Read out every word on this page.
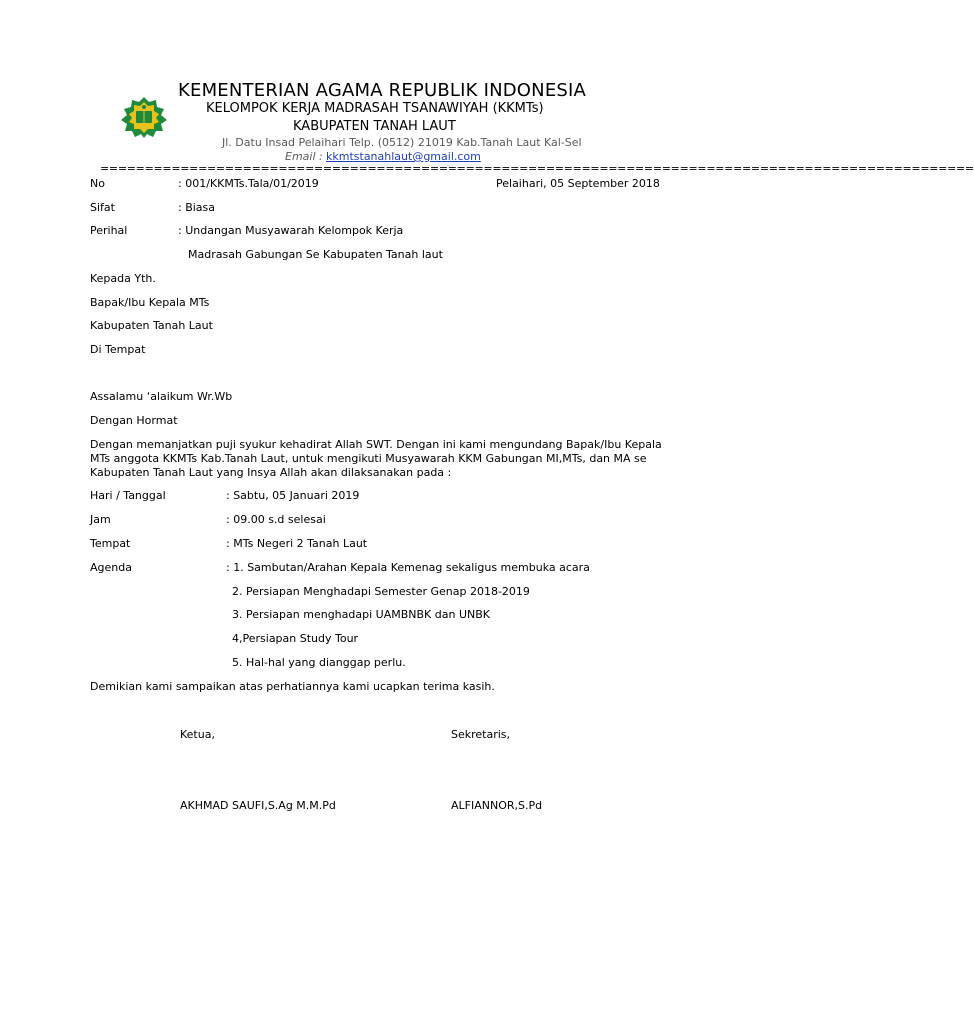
KEMENTERIAN AGAMA REPUBLIK INDONESIA
KELOMPOK KERJA MADRASAH TSANAWIYAH (KKMTs)
KABUPATEN TANAH LAUT
Jl. Datu Insad Pelaihari Telp. (0512) 21019 Kab.Tanah Laut Kal-Sel
Email : kkmtstanahlaut@gmail.com
==================================================================================================
No	: 001/KKMTs.Tala/01/2019	Pelaihari, 05 September 2018
Sifat	: Biasa
Perihal	: Undangan Musyawarah Kelompok Kerja
Madrasah Gabungan Se Kabupaten Tanah laut
Kepada Yth.
Bapak/Ibu Kepala MTs
Kabupaten Tanah Laut
Di Tempat
Assalamu ‘alaikum Wr.Wb
Dengan Hormat
Dengan memanjatkan puji syukur kehadirat Allah SWT. Dengan ini kami mengundang Bapak/Ibu Kepala MTs anggota KKMTs Kab.Tanah Laut, untuk mengikuti Musyawarah KKM Gabungan MI,MTs, dan MA se Kabupaten Tanah Laut yang Insya Allah akan dilaksanakan pada :
Hari / Tanggal	: Sabtu, 05 Januari 2019
Jam	: 09.00 s.d selesai
Tempat	: MTs Negeri 2 Tanah Laut
Agenda	: 1. Sambutan/Arahan Kepala Kemenag sekaligus membuka acara
2. Persiapan Menghadapi Semester Genap 2018-2019
3. Persiapan menghadapi UAMBNBK dan UNBK
4,Persiapan Study Tour
5. Hal-hal yang dianggap perlu.
Demikian kami sampaikan atas perhatiannya kami ucapkan terima kasih.
Ketua,	Sekretaris,
AKHMAD SAUFI,S.Ag M.M.Pd	ALFIANNOR,S.Pd
